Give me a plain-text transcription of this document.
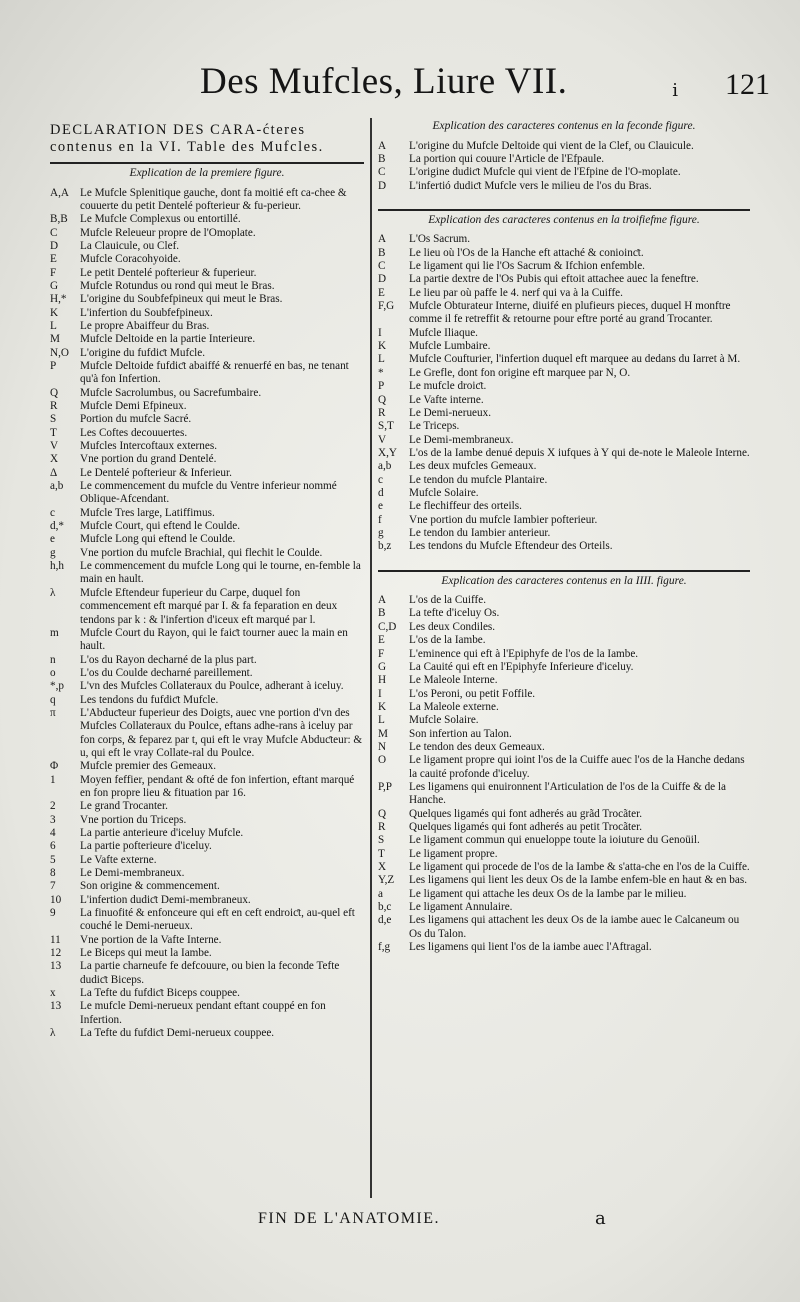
Des Mufcles, Liure VII.	i 121
DECLARATION DES CARA-ćteres contenus en la VI. Table des Mufcles.
Explication de la premiere figure.
A,A Le Mufcle Splenitique gauche, dont fa moitié eft ca-chee & couuerte du petit Dentelé pofterieur & fu-perieur.
B,B	Le Mufcle Complexus ou entortillé.
C	Mufcle Releueur propre de l'Omoplate.
D	La Clauicule, ou Clef.
E	Mufcle Coracohyoide.
F	Le petit Dentelé pofterieur & fuperieur.
G	Mufcle Rotundus ou rond qui meut le Bras.
H,*	L'origine du Soubfefpineux qui meut le Bras.
K	L'infertion du Soubfefpineux.
L	Le propre Abaiffeur du Bras.
M	Mufcle Deltoide en la partie Interieure.
N,O L'origine du fufdiƈt Mufcle.
P	Mufcle Deltoide fufdiƈt abaiffé & renuerfé en bas, ne tenant qu'à fon Infertion.
Q	Mufcle Sacrolumbus, ou Sacrefumbaire.
R	Mufcle Demi Efpineux.
S	Portion du mufcle Sacré.
T	Les Coftes decouuertes.
V	Mufcles Intercoftaux externes.
X	Vne portion du grand Dentelé.
Δ	Le Dentelé pofterieur & Inferieur.
a,b	Le commencement du mufcle du Ventre inferieur nommé Oblique-Afcendant.
c	Mufcle Tres large, Latiffimus.
d,*	Mufcle Court, qui eftend le Coulde.
e	Mufcle Long qui eftend le Coulde.
g	Vne portion du mufcle Brachial, qui flechit le Coulde.
h,h	Le commencement du mufcle Long qui le tourne, en-femble la main en hault.
λ	Mufcle Eftendeur fuperieur du Carpe, duquel fon commencement eft marqué par I. & fa feparation en deux tendons par k : & l'infertion d'iceux eft marqué par l.
m	Mufcle Court du Rayon, qui le faiƈt tourner auec la main en hault.
n	L'os du Rayon decharné de la plus part.
o	L'os du Coulde decharné pareillement.
*,p	L'vn des Mufcles Collateraux du Poulce, adherant à iceluy.
q	Les tendons du fufdiƈt Mufcle.
π	L'Abduƈteur fuperieur des Doigts, auec vne portion d'vn des Mufcles Collateraux du Poulce, eftans adhe-rans à iceluy par fon corps, & feparez par t, qui eft le vray Mufcle Abduƈteur: & u, qui eft le vray Collate-ral du Poulce.
Φ	Mufcle premier des Gemeaux.
1	Moyen feffier, pendant & ofté de fon infertion, eftant marqué en fon propre lieu & fituation par 16.
2	Le grand Trocanter.
3	Vne portion du Triceps.
4	La partie anterieure d'iceluy Mufcle.
6	La partie pofterieure d'iceluy.
5	Le Vafte externe.
8	Le Demi-membraneux.
7	Son origine & commencement.
10	L'infertion dudiƈt Demi-membraneux.
9	La finuofité & enfonceure qui eft en ceft endroiƈt, au-quel eft couché le Demi-nerueux.
11	Vne portion de la Vafte Interne.
12	Le Biceps qui meut la Iambe.
13	La partie charneufe fe defcouure, ou bien la feconde Tefte dudiƈt Biceps.
x	La Tefte du fufdiƈt Biceps couppee.
13	Le mufcle Demi-nerueux pendant eftant couppé en fon Infertion.
λ	La Tefte du fufdiƈt Demi-nerueux couppee.
Explication des caracteres contenus en la feconde figure.
A	L'origine du Mufcle Deltoide qui vient de la Clef, ou Clauicule.
B	La portion qui couure l'Article de l'Efpaule.
C	L'origine dudiƈt Mufcle qui vient de l'Efpine de l'O-moplate.
D	L'infertió dudiƈt Mufcle vers le milieu de l'os du Bras.
Explication des caracteres contenus en la troifiefme figure.
A	L'Os Sacrum.
B	Le lieu où l'Os de la Hanche eft attaché & conioinƈt.
C	Le ligament qui lie l'Os Sacrum & Ifchion enfemble.
D	La partie dextre de l'Os Pubis qui eftoit attachee auec la feneftre.
E	Le lieu par où paffe le 4. nerf qui va à la Cuiffe.
F,G	Mufcle Obturateur Interne, diuifé en plufieurs pieces, duquel H monftre comme il fe retreffit & retourne pour eftre porté au grand Trocanter.
I	Mufcle Iliaque.
K	Mufcle Lumbaire.
L	Mufcle Coufturier, l'infertion duquel eft marquee au dedans du Iarret à M.
*	Le Grefle, dont fon origine eft marquee par N, O.
P	Le mufcle droiƈt.
Q	Le Vafte interne.
R	Le Demi-nerueux.
S,T	Le Triceps.
V	Le Demi-membraneux.
X,Y	L'os de la Iambe denué depuis X iufques à Y qui de-note le Maleole Interne.
a,b	Les deux mufcles Gemeaux.
c	Le tendon du mufcle Plantaire.
d	Mufcle Solaire.
e	Le flechiffeur des orteils.
f	Vne portion du mufcle Iambier pofterieur.
g	Le tendon du Iambier anterieur.
b,z	Les tendons du Mufcle Eftendeur des Orteils.
Explication des caracteres contenus en la IIII. figure.
A	L'os de la Cuiffe.
B	La tefte d'iceluy Os.
C,D	Les deux Condiles.
E	L'os de la Iambe.
F	L'eminence qui eft à l'Epiphyfe de l'os de la Iambe.
G	La Cauité qui eft en l'Epiphyfe Inferieure d'iceluy.
H	Le Maleole Interne.
I	L'os Peroni, ou petit Foffile.
K	La Maleole externe.
L	Mufcle Solaire.
M	Son infertion au Talon.
N	Le tendon des deux Gemeaux.
O	Le ligament propre qui ioint l'os de la Cuiffe auec l'os de la Hanche dedans la cauité profonde d'iceluy.
P,P	Les ligamens qui enuironnent l'Articulation de l'os de la Cuiffe & de la Hanche.
Q	Quelques ligamés qui font adherés au grãd Trocãter.
R	Quelques ligamés qui font adherés au petit Trocãter.
S	Le ligament commun qui enueloppe toute la ioiuture du Genoüil.
T	Le ligament propre.
X	Le ligament qui procede de l'os de la Iambe & s'atta-che en l'os de la Cuiffe.
Y,Z	Les ligamens qui lient les deux Os de la Iambe enfem-ble en haut & en bas.
a	Le ligament qui attache les deux Os de la Iambe par le milieu.
b,c	Le ligament Annulaire.
d,e	Les ligamens qui attachent les deux Os de la iambe auec le Calcaneum ou Os du Talon.
f,g	Les ligamens qui lient l'os de la iambe auec l'Aftragal.
FIN DE L'ANATOMIE.	a
